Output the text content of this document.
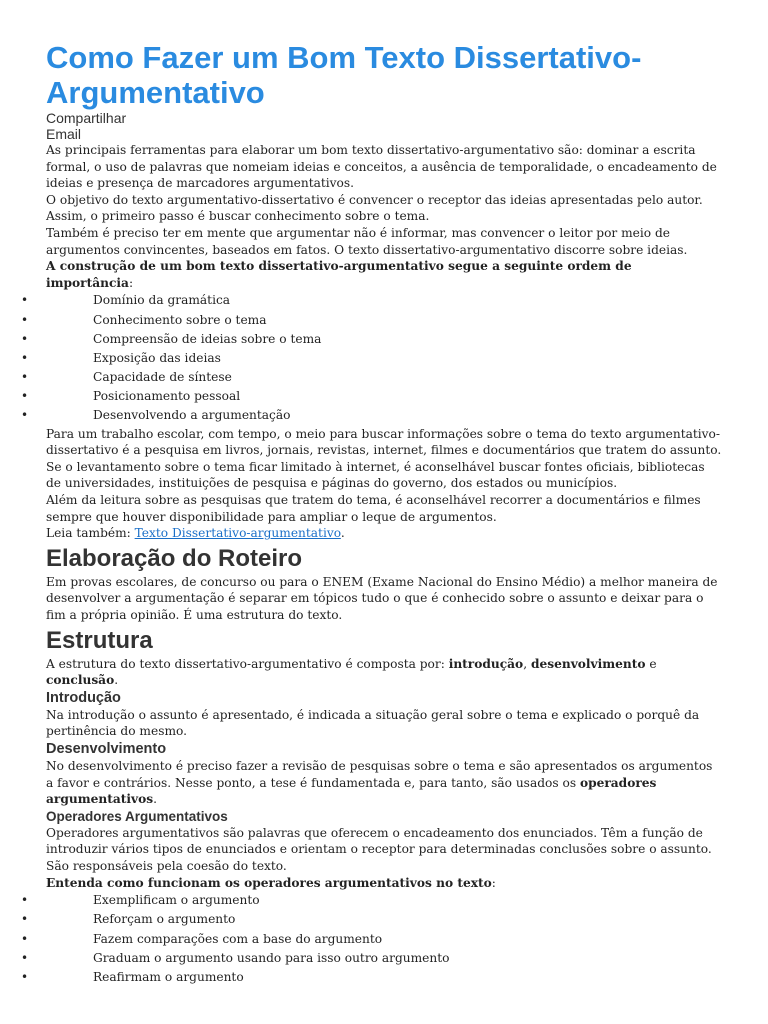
Como Fazer um Bom Texto Dissertativo-Argumentativo
Compartilhar
Email

As principais ferramentas para elaborar um bom texto dissertativo-argumentativo são: dominar a escrita formal, o uso de palavras que nomeiam ideias e conceitos, a ausência de temporalidade, o encadeamento de ideias e presença de marcadores argumentativos.

O objetivo do texto argumentativo-dissertativo é convencer o receptor das ideias apresentadas pelo autor. Assim, o primeiro passo é buscar conhecimento sobre o tema.

Também é preciso ter em mente que argumentar não é informar, mas convencer o leitor por meio de argumentos convincentes, baseados em fatos. O texto dissertativo-argumentativo discorre sobre ideias.

A construção de um bom texto dissertativo-argumentativo segue a seguinte ordem de importância:

• Domínio da gramática
• Conhecimento sobre o tema
• Compreensão de ideias sobre o tema
• Exposição das ideias
• Capacidade de síntese
• Posicionamento pessoal
• Desenvolvendo a argumentação

Para um trabalho escolar, com tempo, o meio para buscar informações sobre o tema do texto argumentativo-dissertativo é a pesquisa em livros, jornais, revistas, internet, filmes e documentários que tratem do assunto.

Se o levantamento sobre o tema ficar limitado à internet, é aconselhável buscar fontes oficiais, bibliotecas de universidades, instituições de pesquisa e páginas do governo, dos estados ou municípios.

Além da leitura sobre as pesquisas que tratem do tema, é aconselhável recorrer a documentários e filmes sempre que houver disponibilidade para ampliar o leque de argumentos.

Leia também: Texto Dissertativo-argumentativo.

Elaboração do Roteiro

Em provas escolares, de concurso ou para o ENEM (Exame Nacional do Ensino Médio) a melhor maneira de desenvolver a argumentação é separar em tópicos tudo o que é conhecido sobre o assunto e deixar para o fim a própria opinião. É uma estrutura do texto.

Estrutura

A estrutura do texto dissertativo-argumentativo é composta por: introdução, desenvolvimento e conclusão.

Introdução

Na introdução o assunto é apresentado, é indicada a situação geral sobre o tema e explicado o porquê da pertinência do mesmo.

Desenvolvimento

No desenvolvimento é preciso fazer a revisão de pesquisas sobre o tema e são apresentados os argumentos a favor e contrários. Nesse ponto, a tese é fundamentada e, para tanto, são usados os operadores argumentativos.

Operadores Argumentativos

Operadores argumentativos são palavras que oferecem o encadeamento dos enunciados. Têm a função de introduzir vários tipos de enunciados e orientam o receptor para determinadas conclusões sobre o assunto. São responsáveis pela coesão do texto.

Entenda como funcionam os operadores argumentativos no texto:

• Exemplificam o argumento
• Reforçam o argumento
• Fazem comparações com a base do argumento
• Graduam o argumento usando para isso outro argumento
• Reafirmam o argumento
